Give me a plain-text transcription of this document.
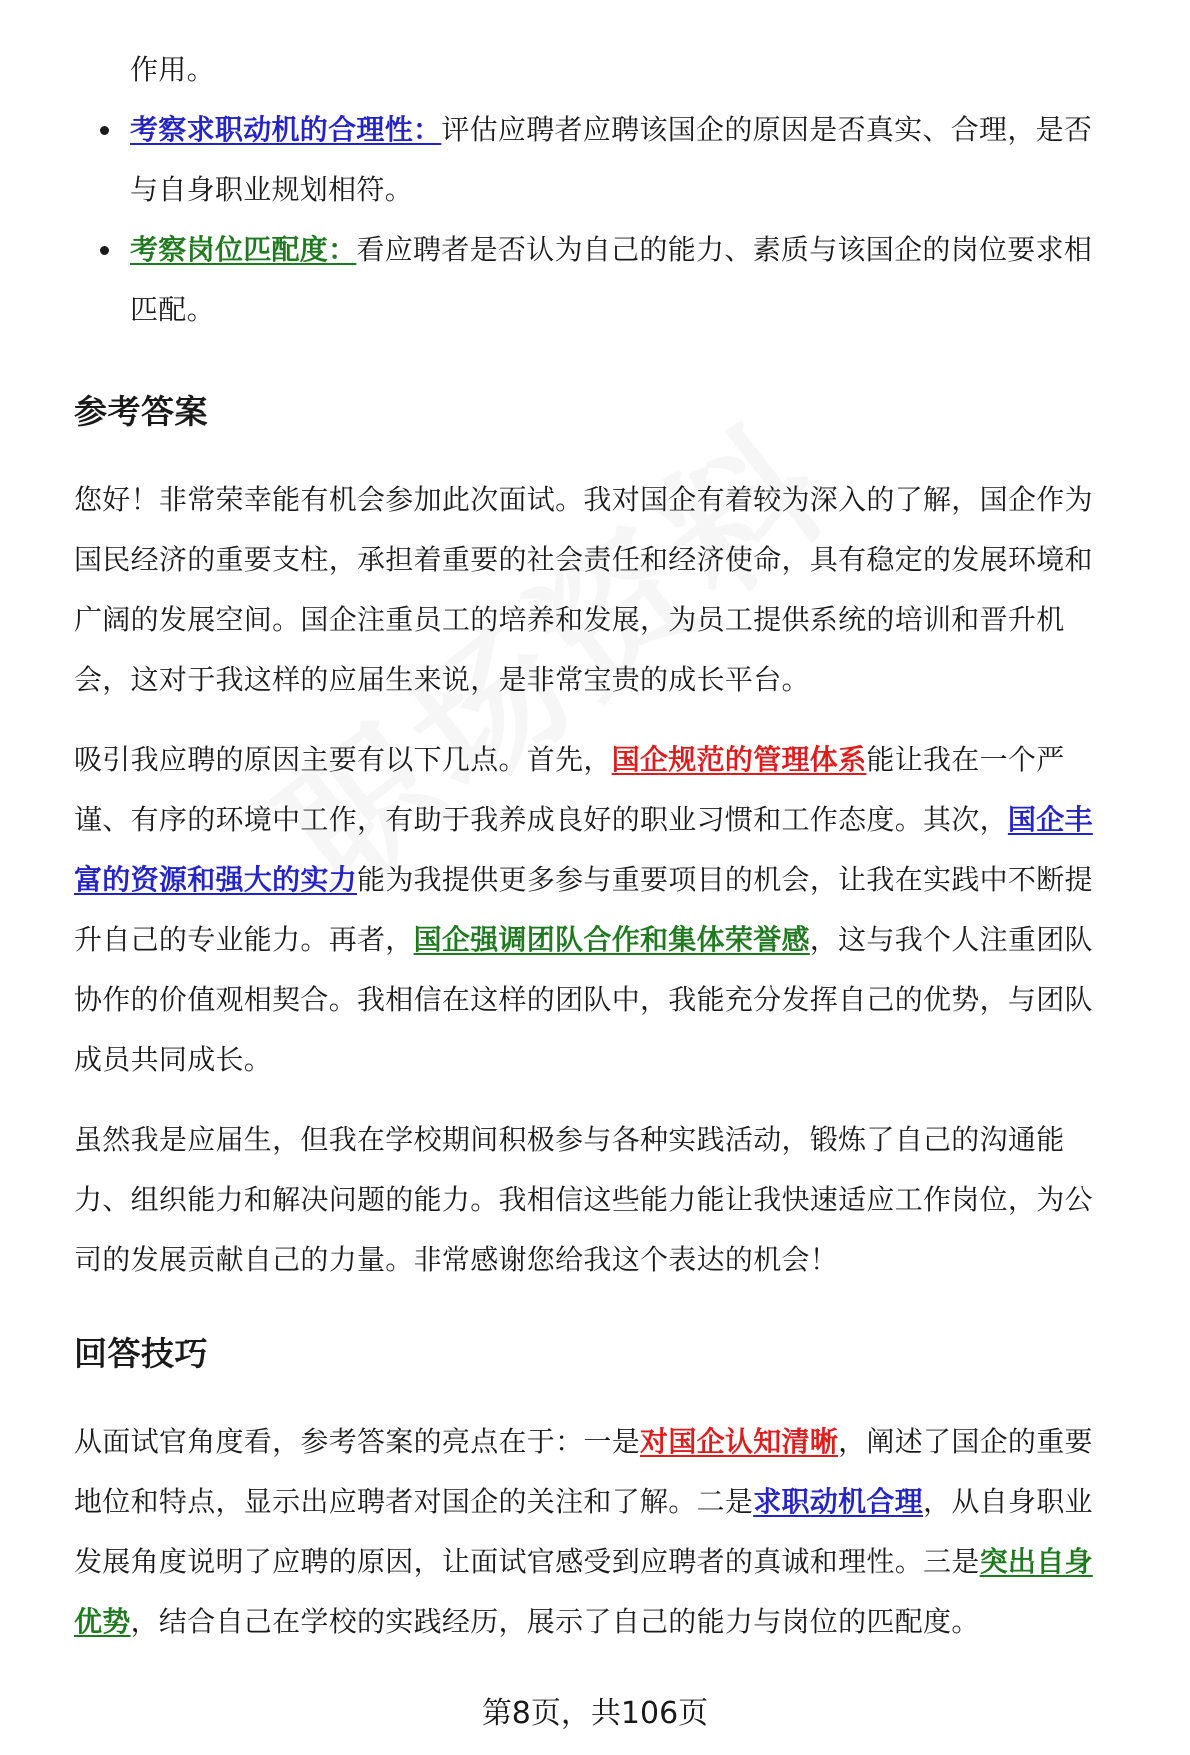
作用。

考察求职动机的合理性：评估应聘者应聘该国企的原因是否真实、合理，是否
与自身职业规划相符。
考察岗位匹配度：看应聘者是否认为自己的能力、素质与该国企的岗位要求相
匹配。
参考答案

您好！非常荣幸能有机会参加此次面试。我对国企有着较为深入的了解，国企作为
国民经济的重要支柱，承担着重要的社会责任和经济使命，具有稳定的发展环境和
广阔的发展空间。国企注重员工的培养和发展，为员工提供系统的培训和晋升机
会，这对于我这样的应届生来说，是非常宝贵的成长平台。

吸引我应聘的原因主要有以下几点。首先，国企规范的管理体系能让我在一个严
谨、有序的环境中工作，有助于我养成良好的职业习惯和工作态度。其次，国企丰
富的资源和强大的实力能为我提供更多参与重要项目的机会，让我在实践中不断提
升自己的专业能力。再者，国企强调团队合作和集体荣誉感，这与我个人注重团队
协作的价值观相契合。我相信在这样的团队中，我能充分发挥自己的优势，与团队
成员共同成长。

虽然我是应届生，但我在学校期间积极参与各种实践活动，锻炼了自己的沟通能
力、组织能力和解决问题的能力。我相信这些能力能让我快速适应工作岗位，为公
司的发展贡献自己的力量。非常感谢您给我这个表达的机会！

回答技巧

从面试官角度看，参考答案的亮点在于：一是对国企认知清晰，阐述了国企的重要
地位和特点，显示出应聘者对国企的关注和了解。二是求职动机合理，从自身职业
发展角度说明了应聘的原因，让面试官感受到应聘者的真诚和理性。三是突出自身
优势，结合自己在学校的实践经历，展示了自己的能力与岗位的匹配度。

第8页，共106页
